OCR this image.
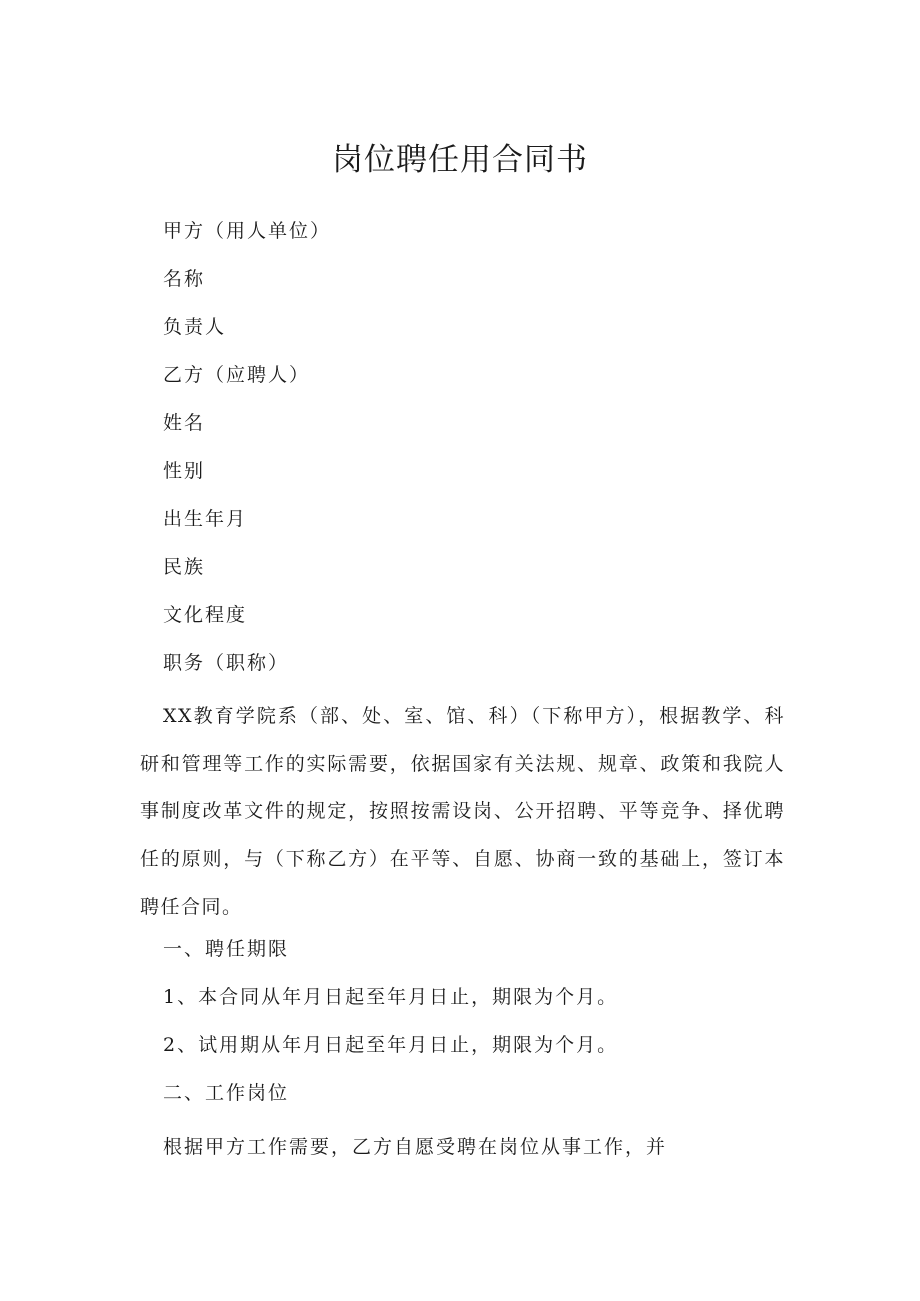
岗位聘任用合同书
甲方（用人单位）
名称
负责人
乙方（应聘人）
姓名
性别
出生年月
民族
文化程度
职务（职称）
XX教育学院系（部、处、室、馆、科）（下称甲方），根据教学、科研和管理等工作的实际需要，依据国家有关法规、规章、政策和我院人事制度改革文件的规定，按照按需设岗、公开招聘、平等竞争、择优聘任的原则，与（下称乙方）在平等、自愿、协商一致的基础上，签订本聘任合同。
一、聘任期限
1、本合同从年月日起至年月日止，期限为个月。
2、试用期从年月日起至年月日止，期限为个月。
二、工作岗位
根据甲方工作需要，乙方自愿受聘在岗位从事工作，并
